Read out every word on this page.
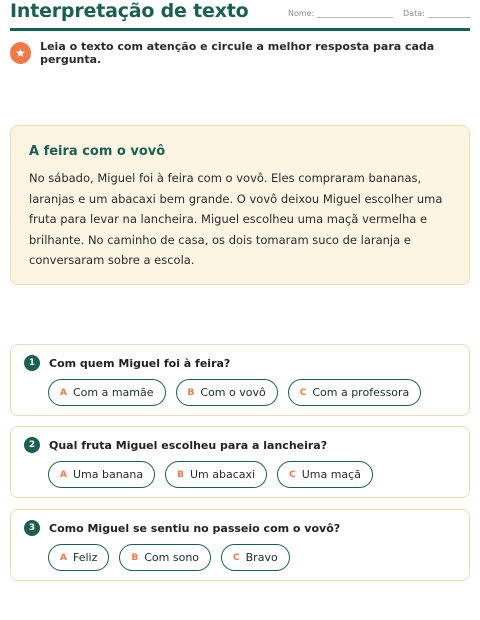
Interpretação de texto	Nome:	Data:
★	Leia o texto com atenção e circule a melhor resposta para cada pergunta.
A feira com o vovô
No sábado, Miguel foi à feira com o vovô. Eles compraram bananas, laranjas e um abacaxi bem grande. O vovô deixou Miguel escolher uma fruta para levar na lancheira. Miguel escolheu uma maçã vermelha e brilhante. No caminho de casa, os dois tomaram suco de laranja e conversaram sobre a escola.
1	Com quem Miguel foi à feira?
A Com a mamãe	B Com o vovô	C Com a professora
2	Qual fruta Miguel escolheu para a lancheira?
A Uma banana	B Um abacaxi	C Uma maçã
3	Como Miguel se sentiu no passeio com o vovô?
A Feliz	B Com sono	C Bravo
